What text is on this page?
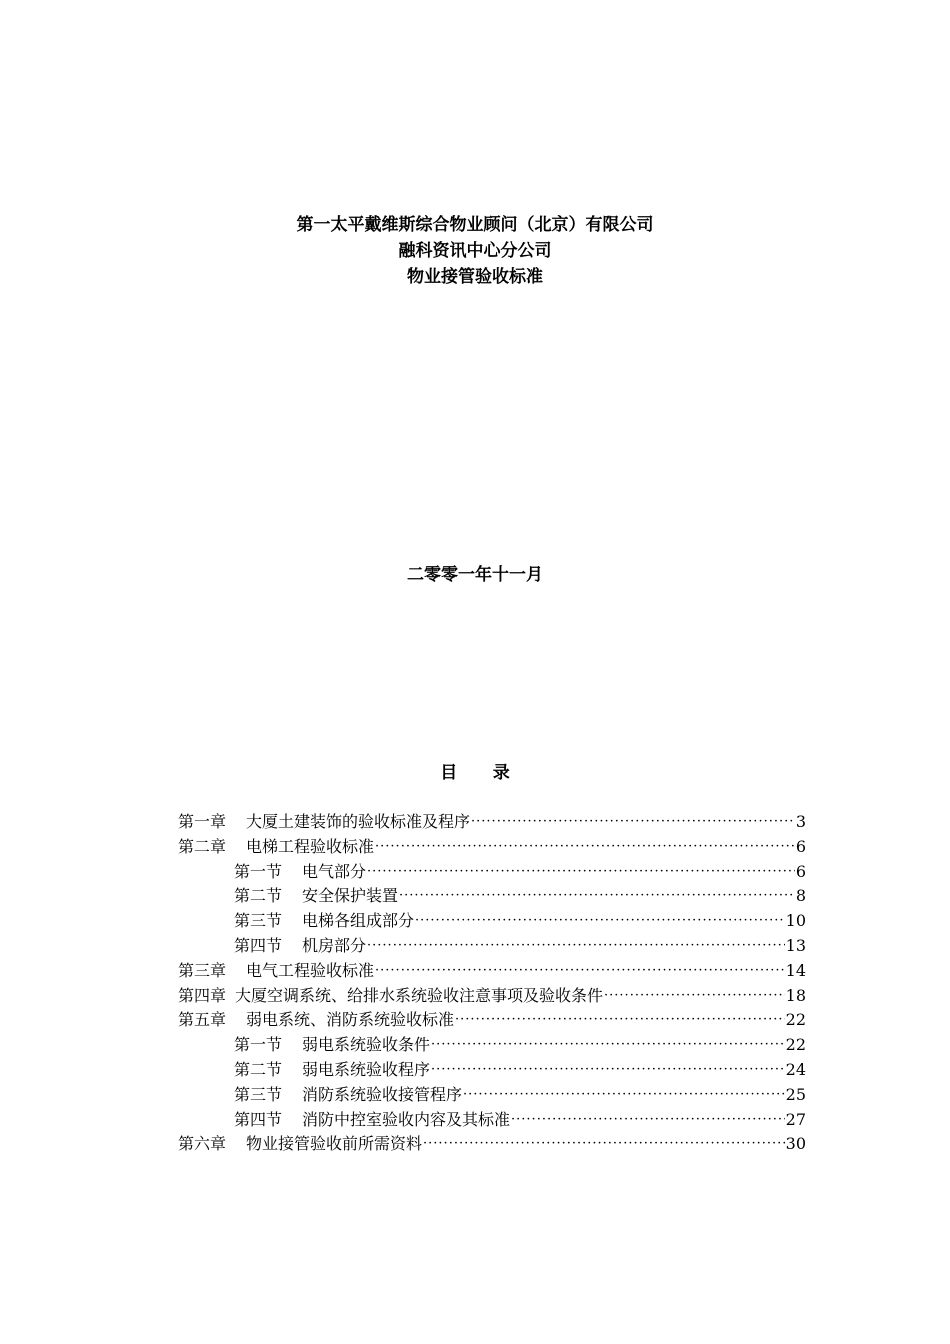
第一太平戴维斯综合物业顾问（北京）有限公司
融科资讯中心分公司
物业接管验收标准
二零零一年十一月
目      录
第一章 大厦土建装饰的验收标准及程序 ·····	3
第二章 电梯工程验收标准 ·····	6
第一节 电气部分 ·····	6
第二节 安全保护装置 ·····	8
第三节 电梯各组成部分 ·····	10
第四节 机房部分 ·····	13
第三章 电气工程验收标准 ·····	14
第四章 大厦空调系统、给排水系统验收注意事项及验收条件 ·····	18
第五章 弱电系统、消防系统验收标准 ·····	22
第一节 弱电系统验收条件 ·····	22
第二节 弱电系统验收程序 ·····	24
第三节 消防系统验收接管程序 ·····	25
第四节 消防中控室验收内容及其标准 ·····	27
第六章 物业接管验收前所需资料 ·····	30
